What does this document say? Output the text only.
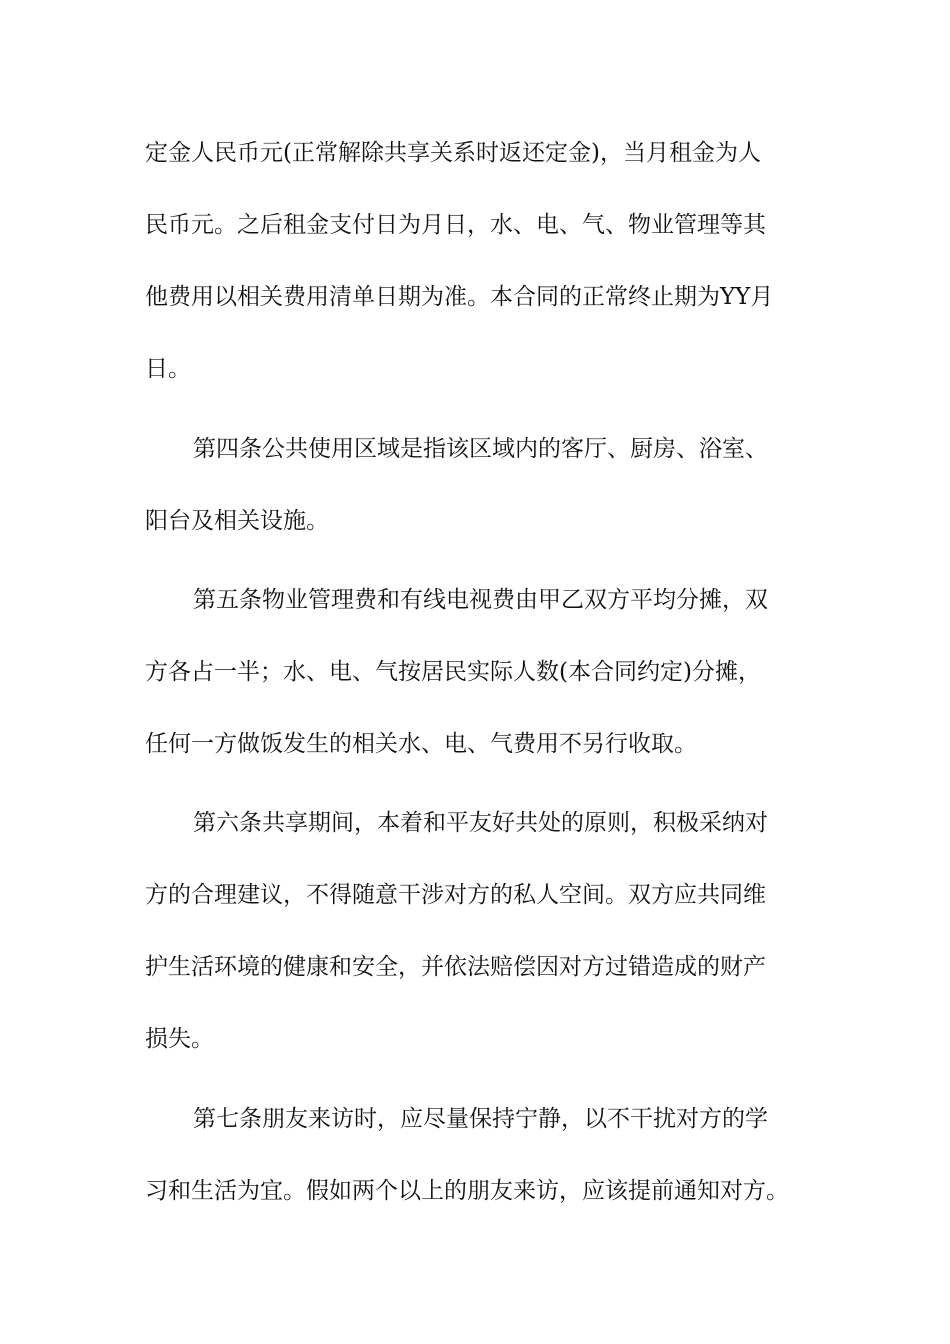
定金人民币元(正常解除共享关系时返还定金)，当月租金为人
民币元。之后租金支付日为月日，水、电、气、物业管理等其
他费用以相关费用清单日期为准。本合同的正常终止期为YY月
日。
第四条公共使用区域是指该区域内的客厅、厨房、浴室、
阳台及相关设施。
第五条物业管理费和有线电视费由甲乙双方平均分摊，双
方各占一半；水、电、气按居民实际人数(本合同约定)分摊，
任何一方做饭发生的相关水、电、气费用不另行收取。
第六条共享期间，本着和平友好共处的原则，积极采纳对
方的合理建议，不得随意干涉对方的私人空间。双方应共同维
护生活环境的健康和安全，并依法赔偿因对方过错造成的财产
损失。
第七条朋友来访时，应尽量保持宁静，以不干扰对方的学
习和生活为宜。假如两个以上的朋友来访，应该提前通知对方。
